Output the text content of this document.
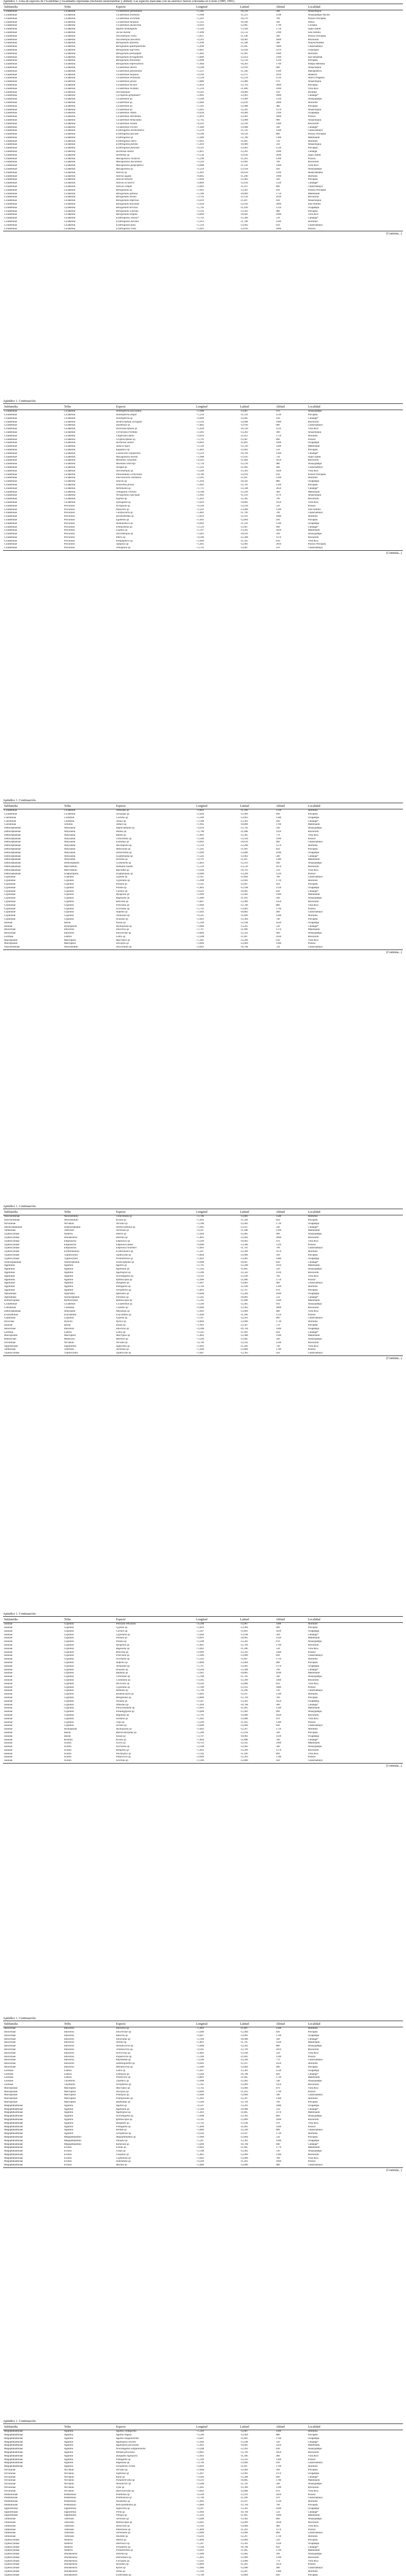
Apéndice 1. Lista de especies de Cicadelidae y localidades reportadas (inclusión monofamiliar y altitud). Las especies marcadas con un asterisco fueron colectadas en Loreto (1985; 1991).
Subfamilia	Tribu	Especie	Longitud	Latitud	Altitud	Localidad
Cicadellinae	Cicadellini	Cicadellinae genosmimis	-75,285	-10,310	580	Ahuachiquia
Cicadellinae	Cicadellini	Cicadellinae frontelais	-73,908	-11,223	1198	Ahuaypampa Nación
Cicadellinae	Cicadellini	Cicadellinae sexvittata	-75,201	-10,270	700	Pozuzo Pilcopata
Cicadellinae	Cicadellini	Cicadellinae turquesa	-75,312	-10,180	500	Wawa
Cicadellinae	Cicadellini	Cicadellinae duodecima	-74,910	-12,005	1790	Cochaba
Cicadellinae	Cicadellini	Agallia monunguata	-72,504	-13,420	1750	Sajuo Izabel
Cicadellinae	Cicadellini	Jacisa molina	-71,090	-12,512	2100	Sino bomita
Cicadellinae	Cicadellini	Oncometopia cloeis	-73,011	-11,140	560	Pozuzo Pilcopata
Cicadellinae	Cicadellini	Oncometopia fluviatilis	-74,301	-10,901	1800	Rinconillo
Cicadellinae	Cicadellini	Borogonalia apistella	-75,990	-11,508	580	Shayeli/Ruedas
Cicadellinae	Cicadellini	Borogonalia quadripunctata	-75,090	-11,005	1800	Chanchamayo
Cicadellinae	Cicadellini	Borogonalia nigrivena	-74,801	-12,018	2210	Guayaquil
Cicadellinae	Cicadellini	Borogonalia plenodigita	-75,002	-11,901	1900	Hornillos
Cicadellinae	Cicadellini	Borogonalia ferrugimenta	-73,890	-12,054	2100	San Sebastián
Cicadellinae	Cicadellini	Borogonalia mackilana	-72,908	-13,510	1220	Pilcopata
Cicadellinae	Cicadellini	Borogonalia impressifrons	-75,004	-10,203	1700	Pampa Hermosa
Cicadellinae	Cicadellini	Cicadellinae alteres	-74,300	-12,910	600	Ahuachiquia
Cicadellinae	Cicadellini	Cicadellinae genosmimis	-75,211	-11,340	1500	Macapoltrica
Cicadellinae	Cicadellini	Cicadellinae turquesa	-74,109	-12,111	1010	Huanuco
Cicadellinae	Cicadellini	Cicadellinae terminalis	-72,330	-12,210	1130	Nuevo Progreso
Cicadellinae	Cicadellini	Cicadellinae grossa	-73,880	-13,400	970	Ahuachiquia
Cicadellinae	Cicadellini	Cicadellinae bicolor	-72,810	-12,703	3060	Pilcopata
Cicadellinae	Cicadellini	Cicadellinae bivittata	-75,210	-11,400	1090	Villa Rica
Cicadellinae	Cicadellini	Oncometopia	-76,301	-10,000	410	Pachitea
Cicadellinae	Cicadellini	Cyclogonia genuimata*	-72,005	-12,003	1800	Callanga*
Cicadellinae	Cicadellini	Cicadellinae sp.	-73,300	-13,409	1320	Ahuaypampa
Cicadellinae	Cicadellini	Cicadellinae sp.	-72,004	-12,810	2000	Hornillos
Cicadellinae	Cicadellini	Cicadellinae sp.	-71,301	-12,908	380	Pilcopata
Cicadellinae	Cicadellini	Cicadellinae sp.	-73,401	-12,201	1270	Ahuachiquia
Cicadellinae	Cicadellini	Cicadellinae vittata	-74,020	-10,409	2100	Oxapampa
Cicadellinae	Cicadellini	Cicadellinae intermedia	-72,810	-12,901	1800	Pozuzo
Cicadellinae	Cicadellini	Cicadellinae bimaculata	-72,705	-13,008	900	Ahuachiquia
Cicadellinae	Cicadellini	Cicadellinae lineata	-74,201	-12,109	1460	Rinconillo
Cicadellinae	Cicadellini	Cicadellinae tricolor	-71,400	-13,008	560	Callanga*
Cicadellinae	Cicadellini	Erythrogonia atramentaria	-75,210	-11,510	1200	Chanchamayo
Cicadellinae	Cicadellini	Erythrogonia fasciata	-76,100	-10,120	800	Pozuzo Pilcopata
Cicadellinae	Cicadellini	Erythrogonia sp.	-72,400	-12,780	1300	Maldonado
Cicadellinae	Cicadellini	Erythrogonia rubra	-73,901	-11,605	720	Hornillos
Cicadellinae	Cicadellini	Erythrogonia pallida	-75,010	-10,900	350	Ahuachiquia
Cicadellinae	Cicadellini	Erythrogonia punctata	-74,501	-12,003	1520	Pilcopata
Cicadellinae	Cicadellini	Hortensia similis	-72,811	-13,201	1000	Callanga
Cicadellinae	Cicadellini	Hortensia sp.	-71,520	-12,610	2040	Sajuo Izabel
Cicadellinae	Cicadellini	Macugonalia cavifrons	-75,290	-11,203	1200	Pozuzo
Cicadellinae	Cicadellini	Macugonalia leucomelas	-73,310	-12,901	700	Rinconillo
Cicadellinae	Cicadellini	Macugonalia geographica	-74,008	-11,120	1400	Villa Rica
Cicadellinae	Cicadellini	Macugonalia sp.	-72,210	-13,104	450	Ahuaypampa
Cicadellinae	Cicadellini	Sibovia sp.	-75,401	-10,610	1100	Huancabamba
Cicadellinae	Cicadellini	Sibovia sagata	-76,005	-11,200	1900	Hornillos
Cicadellinae	Cicadellini	Sibovia nielsoni	-73,020	-12,402	560	Pilcopata
Cicadellinae	Cicadellini	Sibovia occatoria	-74,809	-12,610	1320	Callanga*
Cicadellinae	Cicadellini	Sibovia compta	-72,003	-11,911	800	Chanchamayo
Cicadellinae	Cicadellini	Borogonalia sp.	-71,905	-13,301	610	Pozuzo Pilcopata
Cicadellinae	Cicadellini	Borogonalia gibbosa	-75,100	-10,809	1750	Maldonado
Cicadellinae	Cicadellini	Borogonalia striata	-73,702	-12,120	1020	Rinconillo
Cicadellinae	Cicadellini	Borogonalia impressa	-74,410	-11,407	430	Ahuachiquia
Cicadellinae	Cicadellini	Borogonalia maculata	-72,620	-12,910	2000	Sino bomita
Cicadellinae	Cicadellini	Borogonalia nervosa	-75,702	-11,030	1210	Oxapampa
Cicadellinae	Cicadellini	Borogonalia colorata	-73,110	-13,203	980	Pilcopata
Cicadellinae	Cicadellini	Borogonalia elegans	-74,890	-10,401	1600	Villa Rica
Cicadellinae	Cicadellini	Erythrogonia venosa*	-71,701	-12,300	510	Callanga*
Cicadellinae	Cicadellini	Erythrogonia dorsalis	-72,912	-11,708	1100	Hornillos
Cicadellinae	Cicadellini	Erythrogonia fulva	-75,310	-12,602	650	Chanchamayo
Cicadellinae	Cicadellini	Erythrogonia rosea	-73,401	-13,010	1890	Pozuzo
(Continúa...)
Apéndice 1. Continuación.
Subfamilia	Tribu	Especie	Longitud	Latitud	Altitud	Localidad
Cicadellinae	Cicadellini	Dilobopterus fasciolatus	-72,908	-13,007	970	Ahuaypampa
Cicadellinae	Cicadellini	Dilobopterus dispar	-75,210	-11,510	1520	Pilcopata
Cicadellinae	Cicadellini	Dilobopterus sp.	-74,009	-12,605	410	Callanga*
Cicadellinae	Cicadellini	Diedrocephala variegata	-73,310	-12,008	1900	Rinconillo
Cicadellinae	Cicadellini	Dasmeusa sp.	-71,802	-12,910	680	Chanchamayo
Cicadellinae	Cicadellini	Draeculacephala sp.	-75,620	-10,310	1120	Villa Rica
Cicadellinae	Cicadellini	Ferrariana trivittata	-72,401	-13,202	300	Ahuachiquia
Cicadellinae	Cicadellini	Fingeriana dubia	-74,610	-11,012	1750	Hornillos
Cicadellinae	Cicadellini	Graphocephala sp.	-73,701	-12,407	890	Pozuzo
Cicadellinae	Cicadellini	Hortensia similis	-76,002	-11,801	1400	Oxapampa
Cicadellinae	Cicadellini	Juliaca nigra	-72,120	-12,310	2200	Maldonado
Cicadellinae	Cicadellini	Kapateira sp.	-75,003	-12,902	550	Pilcopata
Cicadellinae	Cicadellini	Lissoscarta vespiformis	-73,510	-10,709	1300	Callanga*
Cicadellinae	Cicadellini	Macugonalia moesta	-71,908	-13,105	720	Sajuo Izabel
Cicadellinae	Cicadellini	Molomea consolida	-74,203	-11,604	1650	Rinconillo
Cicadellinae	Cicadellini	Molomea lineiceps	-72,710	-12,210	980	Ahuaypampa
Cicadellinae	Cicadellini	Oragua sp.	-75,501	-11,902	440	Chanchamayo
Cicadellinae	Cicadellini	Oncometopia sp.	-73,209	-13,303	1820	Villa Rica
Cicadellinae	Cicadellini	Plesiommata corniculata	-74,780	-12,010	610	Pozuzo Pilcopata
Cicadellinae	Cicadellini	Poeciloscarta cardinalis	-72,305	-11,407	1290	Hornillos
Cicadellinae	Cicadellini	Sibovia sp.	-75,910	-10,501	880	Oxapampa
Cicadellinae	Cicadellini	Sonesimia grossa	-73,602	-12,701	1560	Pilcopata
Cicadellinae	Cicadellini	Stehlikiana sp.	-71,711	-12,508	2050	Callanga*
Cicadellinae	Cicadellini	Tretogonia cribrata	-74,108	-13,109	360	Maldonado
Cicadellinae	Cicadellini	Versigonalia ruficauda	-72,902	-11,210	1170	Ahuachiquia
Cicadellinae	Cicadellini	Xyphon sp.	-75,401	-12,305	790	Rinconillo
Cicadellinae	Cicadellini	Zyzzogeton sp.	-73,010	-10,802	1950	Villa Rica
Cicadellinae	Proconiini	Acrogonia sp.	-74,509	-12,410	520	Pozuzo
Cicadellinae	Proconiini	Aulacizes sp.	-72,201	-13,006	1390	Sino bomita
Cicadellinae	Proconiini	Cardioscarta sp.	-75,802	-11,709	700	Chanchamayo
Cicadellinae	Proconiini	Diestostemma sp.	-73,810	-12,101	1680	Hornillos
Cicadellinae	Proconiini	Egidemia sp.	-71,603	-12,804	430	Pilcopata
Cicadellinae	Proconiini	Homalodisca sp.	-74,902	-11,310	1240	Oxapampa
Cicadellinae	Proconiini	Ichthyobelus sp.	-72,510	-12,607	960	Callanga*
Cicadellinae	Proconiini	Lojanus sp.	-75,107	-13,202	1820	Maldonado
Cicadellinae	Proconiini	Oncometopia sp.	-73,403	-10,910	590	Ahuaypampa
Cicadellinae	Proconiini	Phera sp.	-74,306	-12,208	1470	Rinconillo
Cicadellinae	Proconiini	Pseudophera sp.	-72,009	-11,505	810	Villa Rica
Cicadellinae	Proconiini	Tapajosa sp.	-75,605	-12,901	2010	Pozuzo Pilcopata
Cicadellinae	Proconiini	Tretogonia sp.	-73,701	-13,007	470	Chanchamayo
(Continúa...)
Apéndice 1. Continuación.
Subfamilia	Tribu	Especie	Longitud	Latitud	Altitud	Localidad
Cicadellinae	Cicadellini	Tettisama sp.	-74,802	-11,106	1330	Hornillos
Cicadellinae	Cicadellini	Tylozygus sp.	-72,604	-12,409	690	Pilcopata
Coelidiinae	Coelidiini	Coelidia sp.	-75,309	-12,003	1580	Oxapampa
Coelidiinae	Coelidiini	Jassus sp.	-73,108	-13,301	920	Callanga*
Coelidiinae	Teruliini	Tahura sp.	-71,905	-10,806	1760	Maldonado
Deltocephalinae	Athysanini	Amplicephalus sp.	-74,410	-12,702	540	Ahuaypampa
Deltocephalinae	Athysanini	Atanus sp.	-72,708	-11,608	1410	Rinconillo
Deltocephalinae	Athysanini	Bahita sp.	-75,801	-12,305	770	Villa Rica
Deltocephalinae	Athysanini	Chlorotettix sp.	-73,306	-13,104	1990	Pozuzo
Deltocephalinae	Athysanini	Exitianus sp.	-74,002	-10,610	460	Chanchamayo
Deltocephalinae	Athysanini	Hecalapona sp.	-72,110	-12,208	1270	Hornillos
Deltocephalinae	Athysanini	Menosoma sp.	-75,205	-11,901	850	Pilcopata
Deltocephalinae	Athysanini	Osbornellus sp.	-73,909	-12,806	1640	Oxapampa
Deltocephalinae	Athysanini	Scaphytopius sp.	-71,503	-13,002	580	Callanga*
Deltocephalinae	Athysanini	Stirellus sp.	-74,701	-11,407	1380	Maldonado
Deltocephalinae	Deltocephalini	Graminella sp.	-72,803	-12,103	940	Ahuaypampa
Deltocephalinae	Macrostelini	Dalbulus maidis	-75,510	-12,510	1870	Rinconillo
Deltocephalinae	Macrostelini	Balclutha sp.	-73,204	-10,703	510	Villa Rica
Deltocephalinae	Scaphytopiini	Scaphytopius sp.	-74,606	-13,209	1220	Pozuzo
Gyponinae	Gyponini	Gypona sp.	-72,307	-11,804	700	Chanchamayo
Gyponinae	Gyponini	Gyponana sp.	-75,908	-12,601	1710	Hornillos
Gyponinae	Gyponini	Ponana sp.	-73,505	-12,007	450	Pilcopata
Gyponinae	Gyponini	Polana sp.	-71,802	-13,108	1350	Oxapampa
Gyponinae	Gyponini	Curtara sp.	-74,201	-10,905	830	Callanga*
Gyponinae	Gyponini	Hyogonia sp.	-72,909	-12,402	1960	Maldonado
Gyponinae	Gyponini	Rugosana sp.	-75,006	-11,201	560	Ahuaypampa
Gyponinae	Gyponini	Reticana sp.	-73,807	-12,909	1450	Rinconillo
Gyponinae	Gyponini	Prairiana sp.	-72,004	-12,706	880	Villa Rica
Gyponinae	Gyponini	Scarisana sp.	-75,703	-13,003	1790	Pozuzo
Gyponinae	Gyponini	Sulpona sp.	-73,402	-10,802	490	Chanchamayo
Gyponinae	Gyponini	Tenuisana sp.	-74,505	-11,609	1260	Hornillos
Gyponinae	Gyponini	Acusana sp.	-72,601	-12,304	740	Pilcopata
Iassinae	Iassini	Iassus sp.	-75,109	-12,108	1620	Oxapampa
Iassinae	Hyalojassini	Hyalojassus sp.	-73,006	-13,205	530	Callanga*
Idiocerinae	Idiocerini	Idiocerus sp.	-71,707	-11,006	1370	Maldonado
Idiocerinae	Idiocerini	Idiocerinae sp.	-74,804	-12,503	960	Ahuaypampa
Ledrinae	Ledrini	Ledra sp.	-72,208	-11,907	1830	Rinconillo
Macropsinae	Macropsini	Macropsis sp.	-75,405	-12,206	610	Villa Rica
Macropsinae	Macropsini	Oncopsis sp.	-73,609	-13,009	1490	Pozuzo
Neocoelidiinae	Neocoelidiini	Neocoelidia sp.	-74,003	-10,708	720	Chanchamayo
(Continúa...)
Apéndice 1. Continuación.
Subfamilia	Tribu	Especie	Longitud	Latitud	Altitud	Localidad
Neocoelidiinae	Neocoelidiini	Chinchinota sp.	-72,706	-12,801	1580	Hornillos
Neocoelidiinae	Neocoelidiini	Krisna sp.	-75,603	-11,504	850	Pilcopata
Nirvaninae	Nirvanini	Nirvana sp.	-73,108	-12,402	1720	Oxapampa
Selenocephalinae	Selenocephalini	Selenocephalus sp.	-71,905	-13,107	540	Callanga*
Tartessinae	Tartessini	Tartessus sp.	-74,307	-11,208	1390	Maldonado
Typhlocybinae	Alebrini	Alebra sp.	-72,404	-12,005	900	Ahuaypampa
Typhlocybinae	Dikraneurini	Dikrella sp.	-75,801	-12,602	1860	Rinconillo
Typhlocybinae	Empoascini	Empoasca sp.	-73,209	-10,903	470	Villa Rica
Typhlocybinae	Empoascini	Empoasca fabae	-74,606	-13,306	1320	Pozuzo
Typhlocybinae	Empoascini	Empoasca kraemeri	-72,003	-11,701	790	Chanchamayo
Typhlocybinae	Erythroneurini	Erythroneura sp.	-75,207	-12,309	1670	Hornillos
Typhlocybinae	Typhlocybini	Typhlocyba sp.	-73,804	-12,906	590	Pilcopata
Typhlocybinae	Typhlocybini	Protalebrella sp.	-71,601	-13,003	1480	Oxapampa
Xestocephalinae	Xestocephalini	Xestocephalus sp.	-74,908	-10,607	820	Callanga*
Agalliinae	Agalliini	Agallia sp.	-72,705	-12,208	1910	Maldonado
Agalliinae	Agalliini	Agalliana sp.	-75,502	-11,805	520	Ahuaypampa
Agalliinae	Agalliini	Agalliopsis sp.	-73,306	-12,502	1410	Rinconillo
Agalliinae	Agalliini	Aceratagallia sp.	-74,103	-13,109	760	Villa Rica
Agalliinae	Agalliini	Bythoscopus sp.	-72,900	-11,006	1750	Pozuzo
Agalliinae	Agalliini	Durgades sp.	-75,007	-12,803	460	Chanchamayo
Agalliinae	Agalliini	Peltagallia sp.	-73,704	-12,100	1300	Hornillos
Agalliinae	Agalliini	Xerophloea sp.	-71,801	-12,707	870	Pilcopata
Aphrodinae	Aphrodini	Aphrodes sp.	-74,608	-13,204	1690	Oxapampa
Aphrodinae	Xestocephalini	Portanus sp.	-72,205	-10,801	550	Callanga*
Bythoscopinae	Bythoscopini	Bythoscopus sp.	-75,302	-11,608	1440	Maldonado
Cicadellinae	Cicadellini	Cicadellinae sp.	-73,509	-12,405	910	Ahuaypampa
Coelidiinae	Coelidiini	Coelidia sp.	-74,006	-12,902	1800	Rinconillo
Deltocephalinae	Athysanini	Athysanus sp.	-72,603	-13,009	480	Villa Rica
Evacanthinae	Evacanthini	Evacanthus sp.	-75,600	-11,106	1350	Pozuzo
Gyponinae	Gyponini	Gypona sp.	-73,107	-12,203	800	Chanchamayo
Hylicinae	Hylicini	Hylica sp.	-74,804	-12,600	1730	Hornillos
Iassinae	Iassini	Iassus sp.	-71,901	-13,307	570	Pilcopata
Idiocerinae	Idiocerini	Idiocerus sp.	-74,308	-10,704	1460	Oxapampa
Ledrinae	Ledrini	Ledra sp.	-72,505	-11,901	850	Callanga*
Macropsinae	Macropsini	Macropsis sp.	-75,802	-12,408	1940	Maldonado
Mileewinae	Mileewini	Mileewa sp.	-73,209	-12,005	500	Ahuaypampa
Nirvaninae	Nirvanini	Nirvana sp.	-74,706	-13,102	1390	Rinconillo
Signoretiinae	Signoretiini	Signoretia sp.	-72,003	-11,209	740	Villa Rica
Tartessinae	Tartessini	Tartessus sp.	-75,400	-12,806	1780	Pozuzo
Typhlocybinae	Typhlocybini	Typhlocyba sp.	-73,607	-12,303	450	Chanchamayo
(Continúa...)
Apéndice 1. Continuación.
Subfamilia	Tribu	Especie	Longitud	Latitud	Altitud	Localidad
Iassinae	Gyponini	Poncana reticulata	-74,108	-12,007	1480	Hornillos
Iassinae	Gyponini	Gypona sp.	-72,810	-12,904	900	Pilcopata
Iassinae	Gyponini	Curtara sp.	-75,207	-11,801	1830	Oxapampa
Iassinae	Gyponini	Gyponana sp.	-73,404	-13,108	560	Callanga*
Iassinae	Gyponini	Ponana sp.	-74,601	-10,905	1420	Maldonado
Iassinae	Gyponini	Polana sp.	-72,208	-12,202	870	Ahuaypampa
Iassinae	Gyponini	Hyogonia sp.	-75,805	-12,709	1760	Rinconillo
Iassinae	Gyponini	Rugosana sp.	-73,002	-11,306	530	Villa Rica
Iassinae	Gyponini	Reticana sp.	-74,909	-12,503	1400	Pozuzo
Iassinae	Gyponini	Prairiana sp.	-72,406	-13,000	820	Chanchamayo
Iassinae	Gyponini	Scarisana sp.	-75,503	-11,607	1710	Hornillos
Iassinae	Gyponini	Sulpona sp.	-73,800	-12,404	480	Pilcopata
Iassinae	Gyponini	Tenuisana sp.	-71,707	-12,901	1370	Oxapampa
Iassinae	Gyponini	Acusana sp.	-74,204	-13,208	790	Callanga*
Iassinae	Gyponini	Bulbana sp.	-72,901	-10,805	1690	Maldonado
Iassinae	Gyponini	Clinonana sp.	-75,108	-11,702	560	Ahuaypampa
Iassinae	Gyponini	Costanana sp.	-73,305	-12,309	1460	Rinconillo
Iassinae	Gyponini	Declivara sp.	-74,502	-12,806	850	Villa Rica
Iassinae	Gyponini	Gyponana sp.	-72,109	-13,103	1880	Pozuzo
Iassinae	Gyponini	Hamana sp.	-75,706	-11,200	510	Chanchamayo
Iassinae	Gyponini	Kiamoncopsis sp.	-73,003	-12,107	1340	Hornillos
Iassinae	Gyponini	Marganana sp.	-74,800	-12,704	760	Pilcopata
Iassinae	Gyponini	Nonana sp.	-72,307	-13,301	1650	Oxapampa
Iassinae	Gyponini	Ottasana sp.	-75,404	-10,708	580	Callanga*
Iassinae	Gyponini	Paraclinonana sp.	-73,601	-11,905	1500	Maldonado
Iassinae	Gyponini	Pseudogypona sp.	-74,008	-12,402	890	Ahuaypampa
Iassinae	Gyponini	Regalana sp.	-72,705	-12,009	1820	Rinconillo
Iassinae	Gyponini	Sordana sp.	-75,902	-13,006	470	Villa Rica
Iassinae	Gyponini	Tiaja sp.	-73,209	-11,303	1380	Pozuzo
Iassinae	Gyponini	Zerana sp.	-74,406	-12,600	820	Chanchamayo
Iassinae	Hyalojassini	Hyalojassus sp.	-72,003	-12,207	1710	Hornillos
Iassinae	Iassini	Batracomorphus sp.	-75,200	-13,104	540	Pilcopata
Iassinae	Iassini	Iassus sp.	-73,707	-10,901	1430	Oxapampa
Iassinae	Krisnini	Krisna sp.	-71,804	-11,808	780	Callanga*
Iassinae	Scarini	Scaris sp.	-74,701	-12,505	1900	Maldonado
Iassinae	Scarini	Scarisana sp.	-72,508	-12,902	500	Ahuaypampa
Iassinae	Scarini	Bergallia sp.	-75,605	-13,209	1370	Rinconillo
Iassinae	Scarini	Pachyopsis sp.	-73,102	-11,106	860	Villa Rica
Iassinae	Scarini	Platyscaris sp.	-74,909	-12,303	1780	Pozuzo
Iassinae	Scarini	Scarinus sp.	-72,306	-12,800	450	Chanchamayo
(Continúa...)
Apéndice 1. Continuación.
Subfamilia	Tribu	Especie	Longitud	Latitud	Altitud	Localidad
Idiocerinae	Idiocerini	Idiocerus sp.	-75,003	-11,607	1560	Hornillos
Idiocerinae	Idiocerini	Idiocerinae sp.	-73,400	-12,404	830	Pilcopata
Idiocerinae	Idiocerini	Balocha sp.	-74,607	-13,001	1700	Oxapampa
Idiocerinae	Idiocerini	Idioscopus sp.	-72,104	-10,908	560	Callanga*
Idiocerinae	Idiocerini	Nehela sp.	-75,801	-11,705	1420	Maldonado
Idiocerinae	Idiocerini	Stenidiocerus sp.	-73,008	-12,202	880	Ahuaypampa
Idiocerinae	Idiocerini	Tremulicerus sp.	-74,205	-12,709	1810	Rinconillo
Idiocerinae	Idiocerini	Acericerus sp.	-72,802	-13,106	520	Villa Rica
Idiocerinae	Idiocerini	Populicerus sp.	-75,309	-11,003	1390	Pozuzo
Idiocerinae	Idiocerini	Rhytidodus sp.	-73,506	-12,500	770	Chanchamayo
Idiocerinae	Idiocerini	Sahlbergotettix sp.	-74,403	-12,107	1650	Hornillos
Idiocerinae	Idiocerini	Metidiocerus sp.	-72,400	-12,804	490	Pilcopata
Ledrinae	Ledrini	Ledra sp.	-75,607	-13,301	1520	Oxapampa
Ledrinae	Ledrini	Ledropsis sp.	-73,204	-10,708	820	Callanga*
Ledrinae	Ledrini	Petalocera sp.	-74,801	-11,905	1730	Maldonado
Ledrinae	Thymbrini	Thymbris sp.	-72,008	-12,402	540	Ahuaypampa
Ledrinae	Thymbrini	Xerophloea sp.	-75,105	-12,909	1450	Rinconillo
Macropsinae	Macropsini	Macropsis sp.	-73,702	-13,006	870	Villa Rica
Macropsinae	Macropsini	Oncopsis sp.	-74,009	-11,203	1790	Pozuzo
Macropsinae	Macropsini	Pediopsis sp.	-72,606	-12,600	500	Chanchamayo
Macropsinae	Macropsini	Pediopsoides sp.	-75,903	-12,207	1360	Hornillos
Macropsinae	Macropsini	Hephathus sp.	-73,300	-12,704	790	Pilcopata
Megophthalminae	Agalliini	Agallia sp.	-74,507	-13,201	1680	Oxapampa
Megophthalminae	Agalliini	Agalliana sp.	-72,204	-10,908	550	Callanga*
Megophthalminae	Agalliini	Agalliopsis sp.	-75,401	-11,805	1470	Maldonado
Megophthalminae	Agalliini	Aceratagallia sp.	-73,608	-12,302	860	Ahuaypampa
Megophthalminae	Agalliini	Bythoscopus sp.	-74,105	-12,809	1840	Rinconillo
Megophthalminae	Agalliini	Durgades sp.	-72,702	-13,106	470	Villa Rica
Megophthalminae	Agalliini	Peltagallia sp.	-75,009	-11,003	1400	Pozuzo
Megophthalminae	Agalliini	Brenda sp.	-73,806	-12,500	800	Chanchamayo
Megophthalminae	Agalliini	Xerophloea sp.	-74,303	-12,107	1720	Hornillos
Megophthalminae	Megophthalmini	Megophthalmus sp.	-72,900	-12,804	530	Pilcopata
Megophthalminae	Megophthalmini	Paropia sp.	-75,207	-13,301	1440	Oxapampa
Megophthalminae	Megophthalmini	Kahavalu sp.	-73,404	-10,708	840	Callanga*
Megophthalminae	Evinini	Evinus sp.	-74,601	-11,905	1770	Maldonado
Megophthalminae	Evinini	Ulopa sp.	-72,108	-12,402	510	Ahuaypampa
Megophthalminae	Evinini	Ulopinae sp.	-75,805	-12,909	1380	Rinconillo
Megophthalminae	Evinini	Cephalelus sp.	-73,002	-13,006	780	Villa Rica
Megophthalminae	Evinini	Dakrutulus sp.	-74,209	-11,203	1660	Pozuzo
Megophthalminae	Evinini	Moonia sp.	-72,806	-12,600	480	Chanchamayo
(Continúa...)
Apéndice 1. Continuación.
Subfamilia	Tribu	Especie	Longitud	Latitud	Altitud	Localidad
Megophthalminae	Agalliini	Agallia configurata	-75,303	-12,007	1490	Hornillos
Megophthalminae	Agalliini	Agallia lingula	-73,500	-12,904	880	Pilcopata
Megophthalminae	Agalliini	Agallia sanguinolenta	-74,407	-11,801	1760	Oxapampa
Megophthalminae	Agalliini	Agalliopsis novella	-72,404	-13,108	520	Callanga*
Megophthalminae	Agalliini	Agalliopsis peruviana	-75,601	-10,905	1410	Maldonado
Megophthalminae	Agalliini	Aceratagallia sanguinolenta	-73,208	-12,202	830	Ahuaypampa
Megophthalminae	Agalliini	Brenda peruviana	-74,805	-12,709	1850	Rinconillo
Megophthalminae	Agalliini	Durgades nigropicta	-72,002	-11,306	460	Villa Rica
Megophthalminae	Agalliini	Peltagallia sp.	-75,109	-12,503	1360	Pozuzo
Megophthalminae	Agalliini	Rugosana sp.	-73,706	-13,000	810	Chanchamayo
Megophthalminae	Agalliini	Xerophloea viridis	-74,003	-11,607	1700	Hornillos
Nirvaninae	Nirvanini	Nirvana sp.	-72,600	-12,404	560	Pilcopata
Nirvaninae	Nirvanini	Sophonia sp.	-75,907	-12,901	1470	Oxapampa
Nirvaninae	Nirvanini	Kana sp.	-73,304	-13,208	840	Callanga*
Nirvaninae	Nirvanini	Pseudonirvana sp.	-74,501	-10,805	1780	Maldonado
Nirvaninae	Nirvanini	Stenotortor sp.	-72,208	-11,702	500	Ahuaypampa
Nirvaninae	Nirvanini	Ujna sp.	-75,405	-12,309	1390	Rinconillo
Nirvaninae	Nirvanini	Quercinirvana sp.	-73,602	-12,806	870	Villa Rica
Penthimiinae	Penthimiini	Penthimia sp.	-74,109	-13,103	1810	Pozuzo
Penthimiinae	Penthimiini	Penthimiola sp.	-72,706	-11,200	470	Chanchamayo
Penthimiinae	Penthimiini	Neodartus sp.	-75,003	-12,107	1330	Hornillos
Penthimiinae	Penthimiini	Reticopenthimia sp.	-73,800	-12,704	790	Pilcopata
Signoretiinae	Signoretiini	Signoretia sp.	-74,307	-13,301	1690	Oxapampa
Signoretiinae	Signoretiini	Preta sp.	-72,904	-10,708	550	Callanga*
Signoretiinae	Signoretiini	Phlogis sp.	-75,201	-11,905	1460	Maldonado
Tartessinae	Tartessini	Tartessus sp.	-73,408	-12,402	860	Ahuaypampa
Tartessinae	Tartessini	Bythoscopus sp.	-74,605	-12,909	1830	Rinconillo
Tartessinae	Tartessini	Stenocotis sp.	-72,102	-13,006	480	Villa Rica
Tartessinae	Tartessini	Putoniessa sp.	-75,809	-11,203	1370	Pozuzo
Tartessinae	Tartessini	Tartessella sp.	-73,006	-12,600	800	Chanchamayo
Tartessinae	Tartessini	Anotoba sp.	-74,203	-12,207	1720	Hornillos
Typhlocybinae	Alebrini	Alebra sp.	-72,800	-12,804	520	Pilcopata
Typhlocybinae	Alebrini	Alebrasca sp.	-75,307	-13,301	1430	Oxapampa
Typhlocybinae	Alebrini	Protalebra sp.	-73,504	-10,708	850	Callanga*
Typhlocybinae	Alebrini	Protalebrella sp.	-74,401	-11,905	1760	Maldonado
Typhlocybinae	Dikraneurini	Dikrella sp.	-72,408	-12,402	500	Ahuaypampa
Typhlocybinae	Dikraneurini	Dikraneura sp.	-75,605	-12,909	1390	Rinconillo
Typhlocybinae	Dikraneurini	Forcipata sp.	-73,202	-13,006	770	Villa Rica
Typhlocybinae	Dikraneurini	Hyloidea sp.	-74,809	-11,203	1650	Pozuzo
Typhlocybinae	Dikraneurini	Kybos sp.	-72,006	-12,600	490	Chanchamayo
Typhlocybinae	Dikraneurini	Notus sp.	-75,103	-12,207	1380	Hornillos
Typhlocybinae	Dikraneurini	Erythridula sp.	-73,700	-12,804	820	Pilcopata
